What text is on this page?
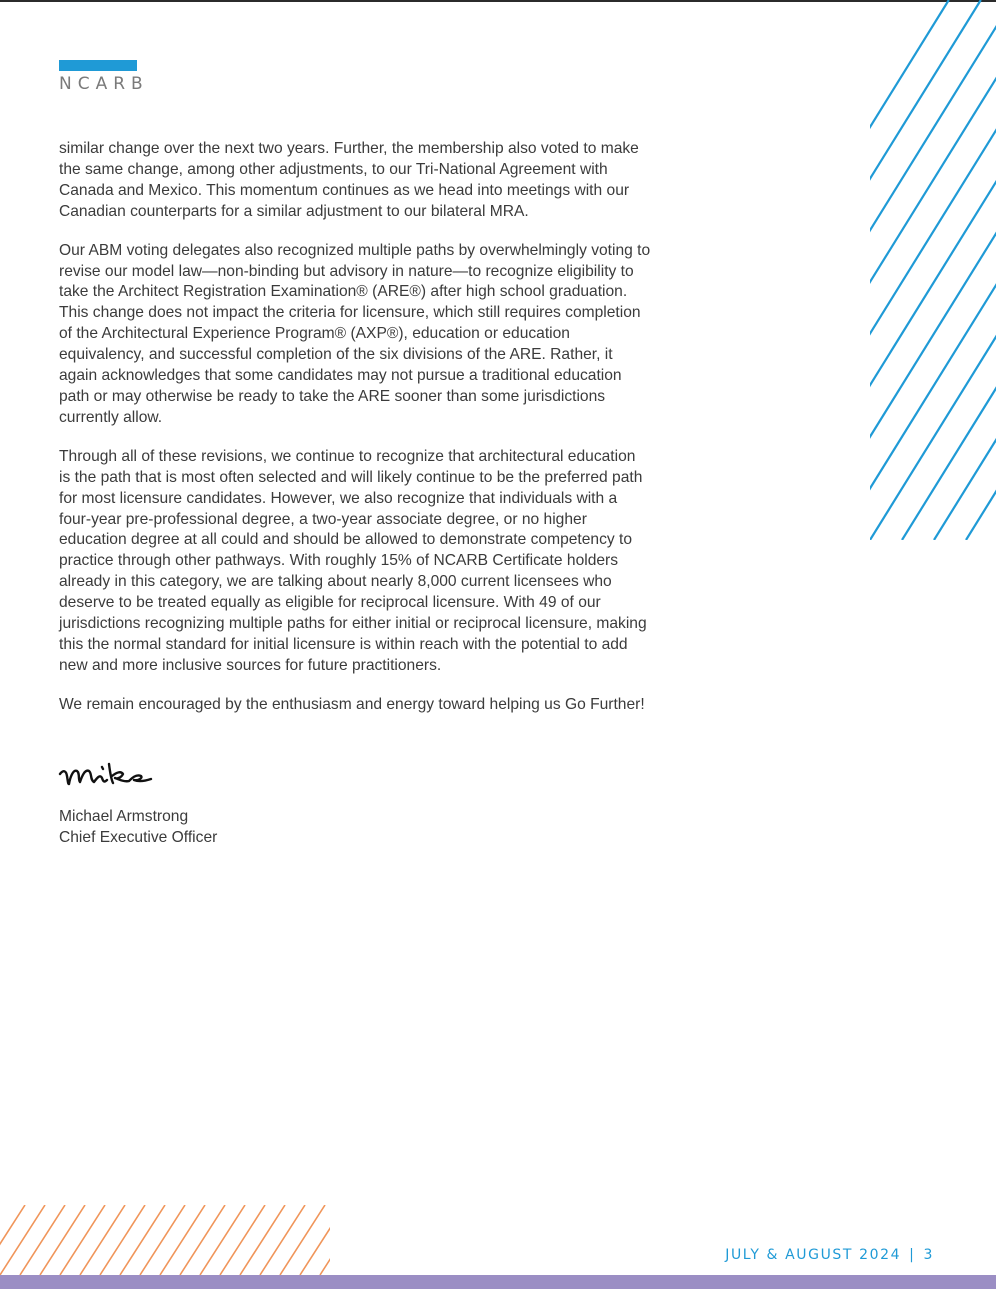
NCARB

similar change over the next two years. Further, the membership also voted to make the same change, among other adjustments, to our Tri-National Agreement with Canada and Mexico. This momentum continues as we head into meetings with our Canadian counterparts for a similar adjustment to our bilateral MRA.

Our ABM voting delegates also recognized multiple paths by overwhelmingly voting to revise our model law—non-binding but advisory in nature—to recognize eligibility to take the Architect Registration Examination® (ARE®) after high school graduation. This change does not impact the criteria for licensure, which still requires completion of the Architectural Experience Program® (AXP®), education or education equivalency, and successful completion of the six divisions of the ARE. Rather, it again acknowledges that some candidates may not pursue a traditional education path or may otherwise be ready to take the ARE sooner than some jurisdictions currently allow.

Through all of these revisions, we continue to recognize that architectural education is the path that is most often selected and will likely continue to be the preferred path for most licensure candidates. However, we also recognize that individuals with a four-year pre-professional degree, a two-year associate degree, or no higher education degree at all could and should be allowed to demonstrate competency to practice through other pathways. With roughly 15% of NCARB Certificate holders already in this category, we are talking about nearly 8,000 current licensees who deserve to be treated equally as eligible for reciprocal licensure. With 49 of our jurisdictions recognizing multiple paths for either initial or reciprocal licensure, making this the normal standard for initial licensure is within reach with the potential to add new and more inclusive sources for future practitioners.

We remain encouraged by the enthusiasm and energy toward helping us Go Further!

Michael Armstrong
Chief Executive Officer
JULY & AUGUST 2024 | 3
